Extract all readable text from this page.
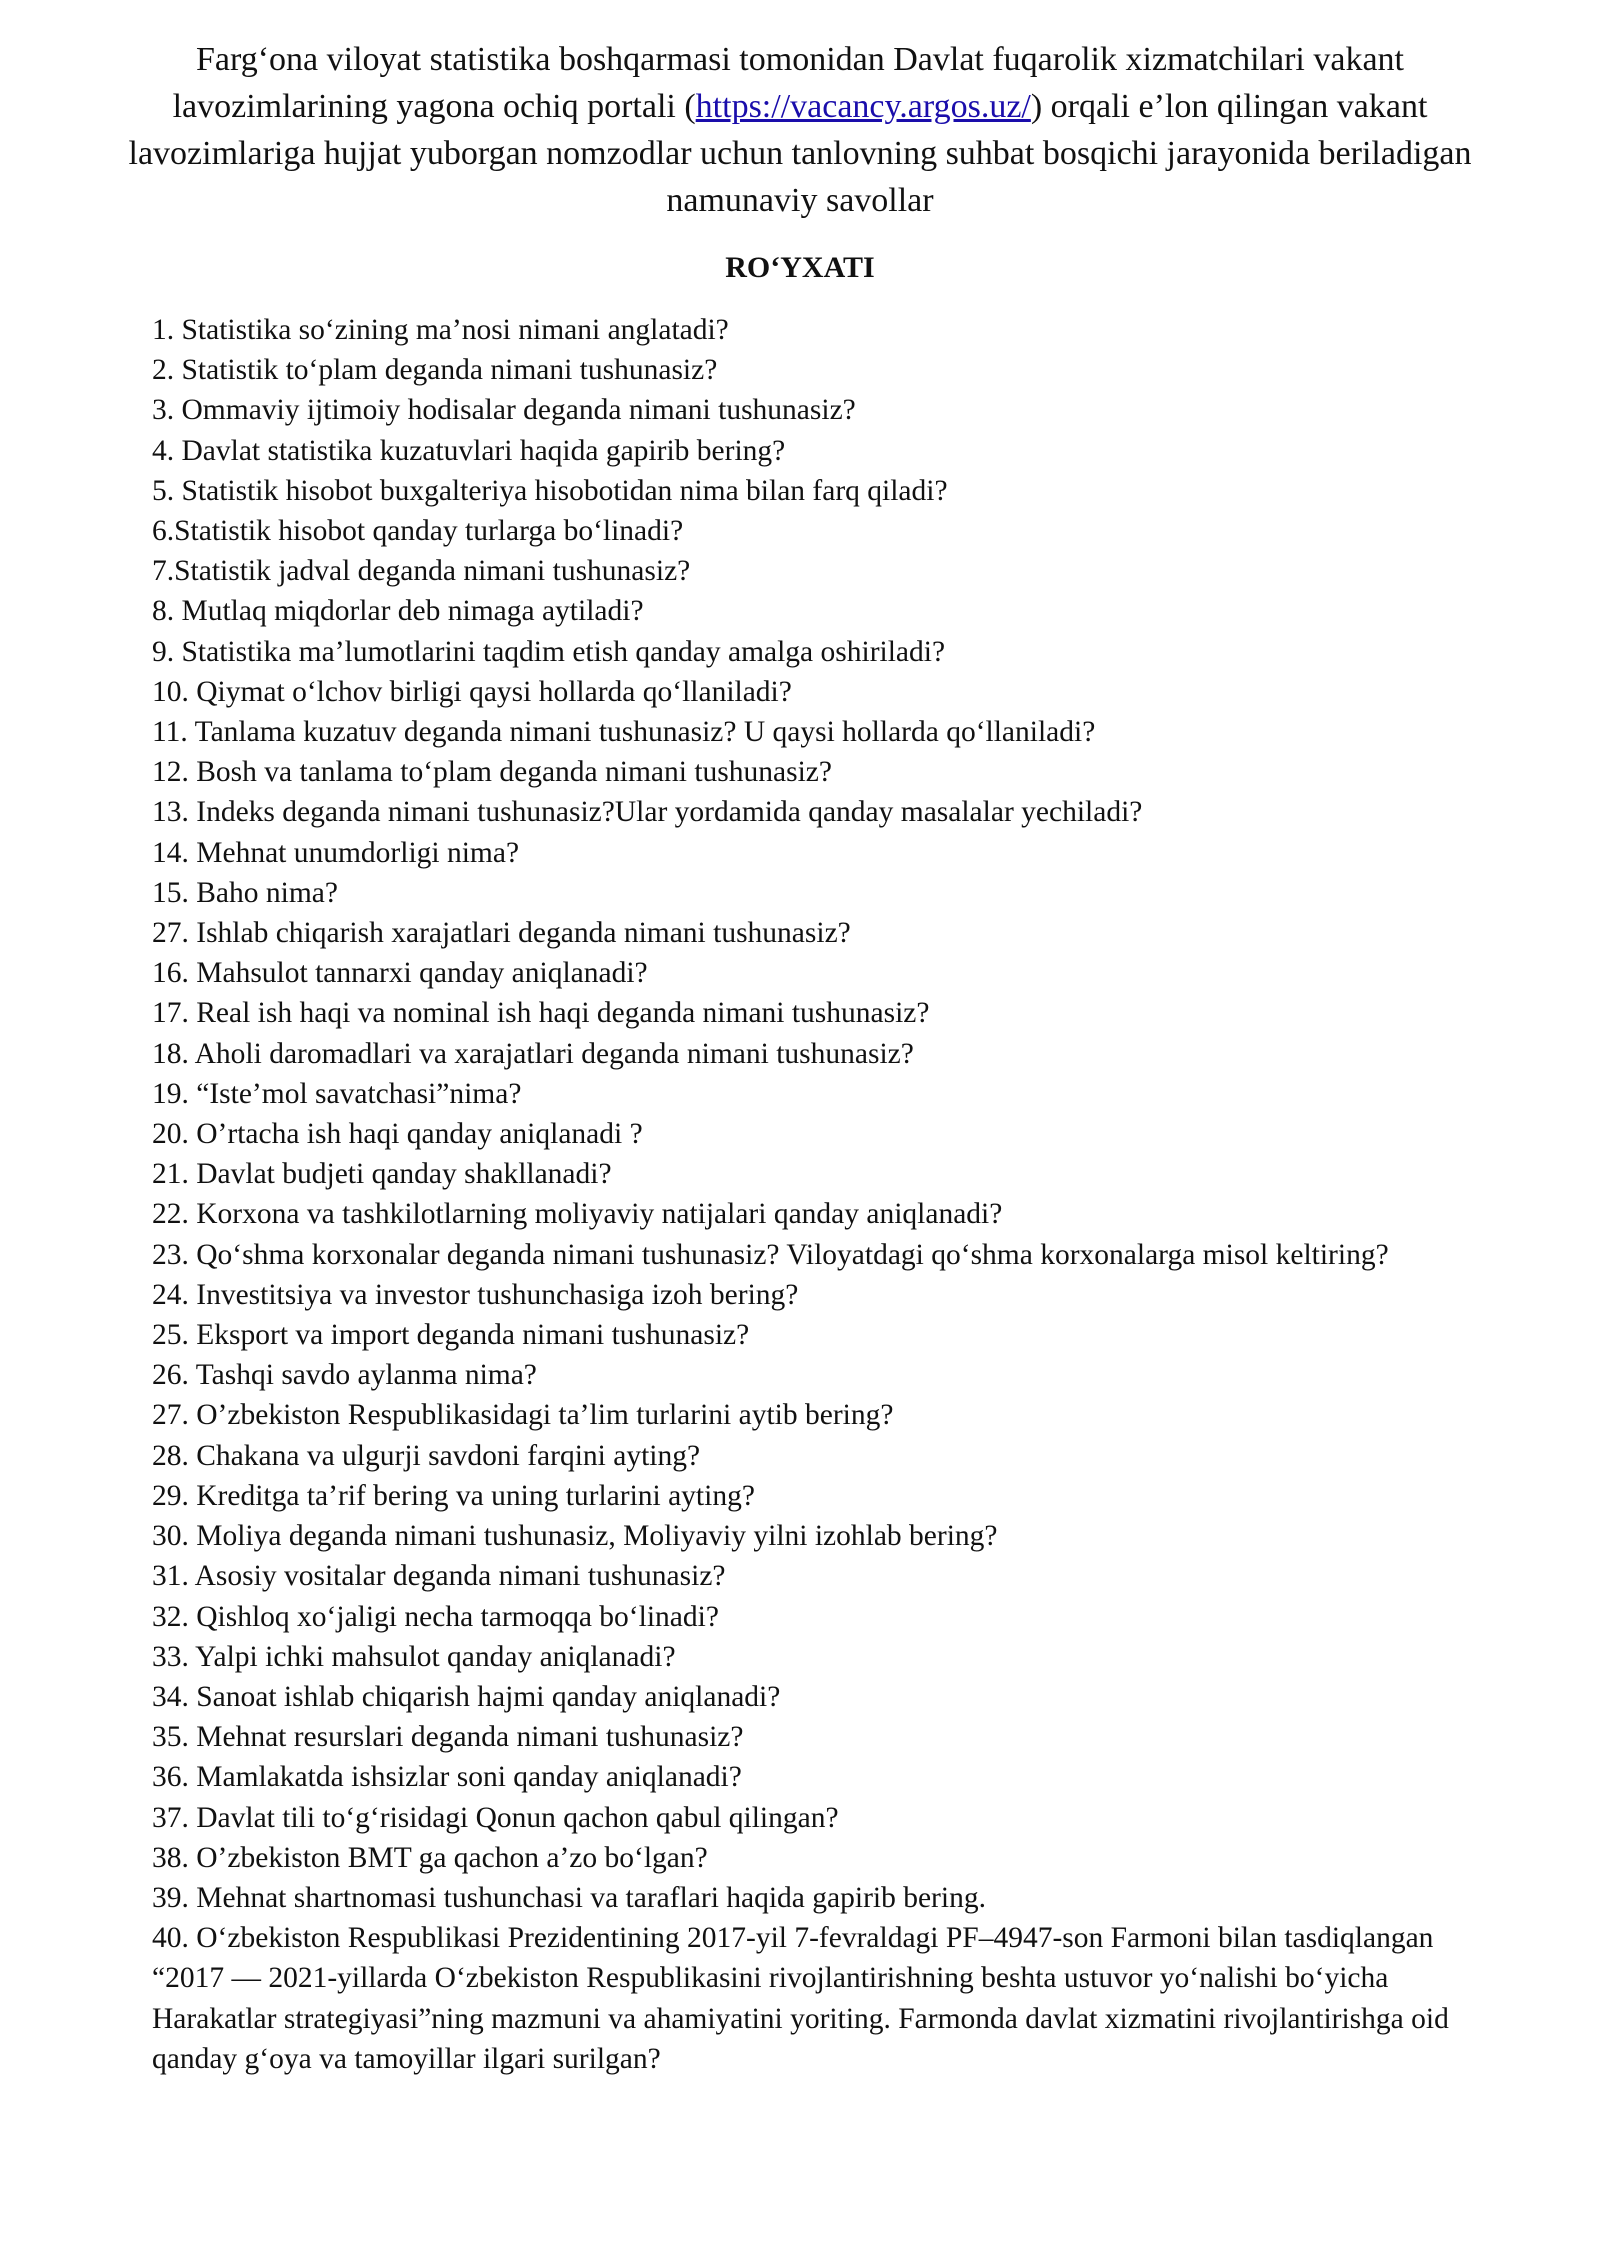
Farg‘ona viloyat statistika boshqarmasi tomonidan Davlat fuqarolik xizmatchilari vakant lavozimlarining yagona ochiq portali (https://vacancy.argos.uz/) orqali e’lon qilingan vakant lavozimlariga hujjat yuborgan nomzodlar uchun tanlovning suhbat bosqichi jarayonida beriladigan namunaviy savollar
RO‘YXATI
1. Statistika so‘zining ma’nosi nimani anglatadi?
2. Statistik to‘plam deganda nimani tushunasiz?
3. Ommaviy ijtimoiy hodisalar deganda nimani tushunasiz?
4. Davlat statistika kuzatuvlari haqida gapirib bering?
5. Statistik hisobot buxgalteriya hisobotidan nima bilan farq qiladi?
6.Statistik hisobot qanday turlarga bo‘linadi?
7.Statistik jadval deganda nimani tushunasiz?
8. Mutlaq miqdorlar deb nimaga aytiladi?
9. Statistika ma’lumotlarini taqdim etish qanday amalga oshiriladi?
10. Qiymat o‘lchov birligi qaysi hollarda qo‘llaniladi?
11. Tanlama kuzatuv deganda nimani tushunasiz? U qaysi hollarda qo‘llaniladi?
12. Bosh va tanlama to‘plam deganda nimani tushunasiz?
13. Indeks deganda nimani tushunasiz?Ular yordamida qanday masalalar yechiladi?
14. Mehnat unumdorligi nima?
15. Baho nima?
27. Ishlab chiqarish xarajatlari deganda nimani tushunasiz?
16. Mahsulot tannarxi qanday aniqlanadi?
17. Real ish haqi va nominal ish haqi deganda nimani tushunasiz?
18. Aholi daromadlari va xarajatlari deganda nimani tushunasiz?
19. “Iste’mol savatchasi”nima?
20. O’rtacha ish haqi qanday aniqlanadi ?
21. Davlat budjeti qanday shakllanadi?
22. Korxona va tashkilotlarning moliyaviy natijalari qanday aniqlanadi?
23. Qo‘shma korxonalar deganda nimani tushunasiz? Viloyatdagi qo‘shma korxonalarga misol keltiring?
24. Investitsiya va investor tushunchasiga izoh bering?
25. Eksport va import deganda nimani tushunasiz?
26. Tashqi savdo aylanma nima?
27. O’zbekiston Respublikasidagi ta’lim turlarini aytib bering?
28. Chakana va ulgurji savdoni farqini ayting?
29. Kreditga ta’rif bering va uning turlarini ayting?
30. Moliya deganda nimani tushunasiz, Moliyaviy yilni izohlab bering?
31. Asosiy vositalar deganda nimani tushunasiz?
32. Qishloq xo‘jaligi necha tarmoqqa bo‘linadi?
33. Yalpi ichki mahsulot qanday aniqlanadi?
34. Sanoat ishlab chiqarish hajmi qanday aniqlanadi?
35. Mehnat resurslari deganda nimani tushunasiz?
36. Mamlakatda ishsizlar soni qanday aniqlanadi?
37. Davlat tili to‘g‘risidagi Qonun qachon qabul qilingan?
38. O’zbekiston BMT ga qachon a’zo bo‘lgan?
39. Mehnat shartnomasi tushunchasi va taraflari haqida gapirib bering.
40. O‘zbekiston Respublikasi Prezidentining 2017-yil 7-fevraldagi PF–4947-son Farmoni bilan tasdiqlangan “2017 — 2021-yillarda O‘zbekiston Respublikasini rivojlantirishning beshta ustuvor yo‘nalishi bo‘yicha Harakatlar strategiyasi”ning mazmuni va ahamiyatini yoriting. Farmonda davlat xizmatini rivojlantirishga oid qanday g‘oya va tamoyillar ilgari surilgan?
